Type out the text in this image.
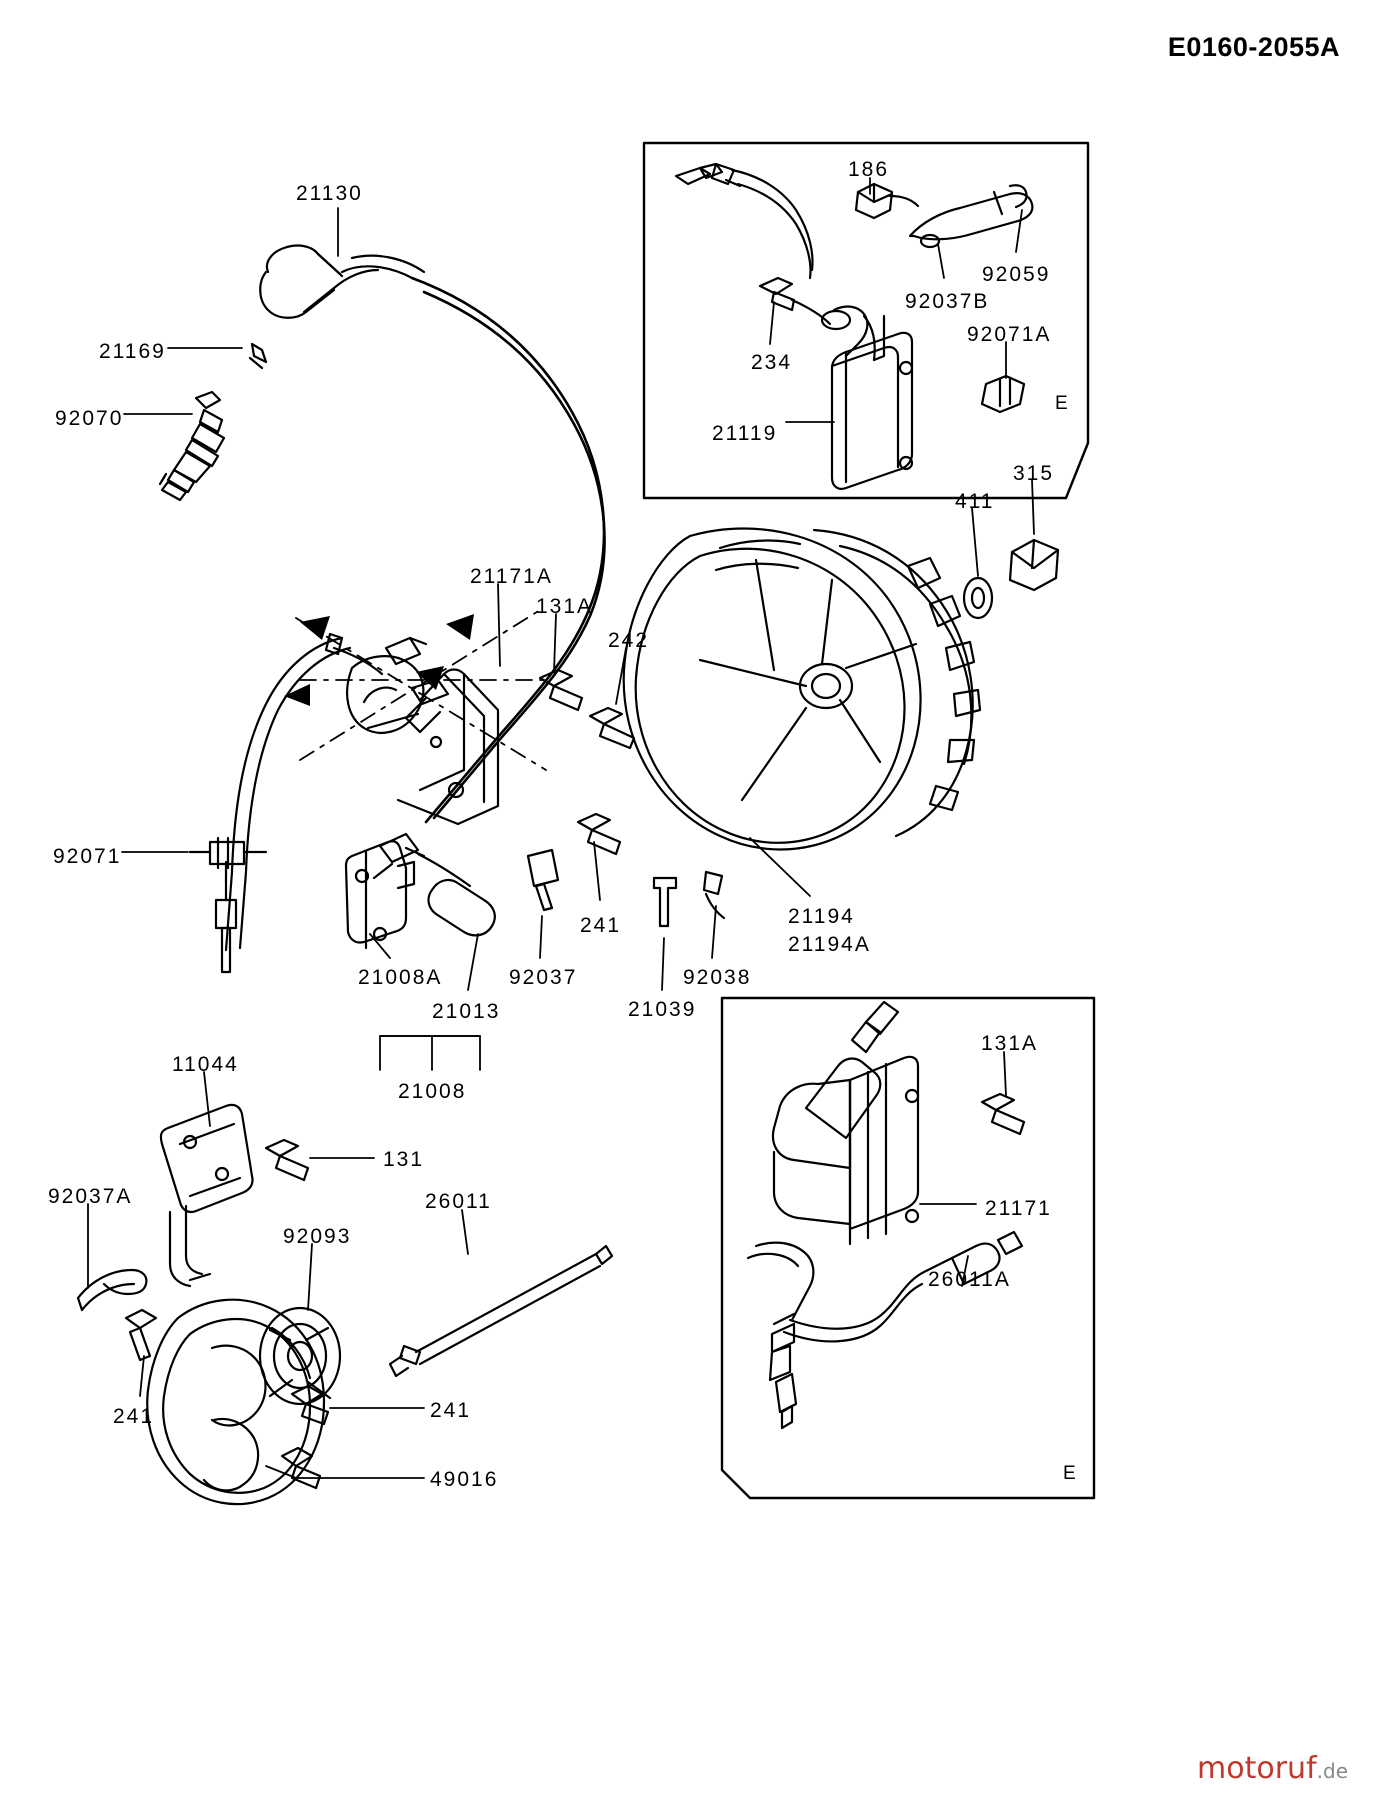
E0160-2055A
21130
21169
92070
186
92059
92037B
92071A
234
21119
411
315
21171A
131A
242
92071
241	21194
21194A
92038
21008A	92037
21039
21013
21008
11044
131
131A
21171
26011A
92037A
92093
26011
241	241
49016
E
E
motoruf.de
